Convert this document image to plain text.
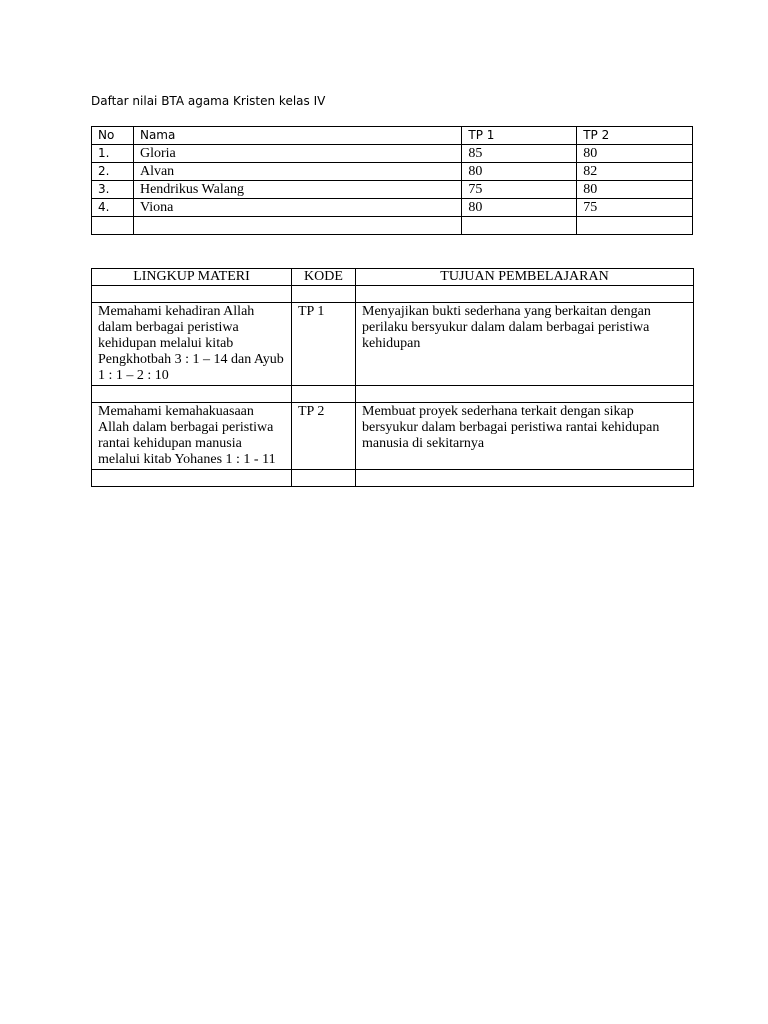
Daftar nilai BTA agama Kristen kelas IV
No	Nama	TP 1	TP 2
1.	Gloria	85	80
2.	Alvan	80	82
3.	Hendrikus Walang	75	80
4.	Viona	80	75

LINGKUP MATERI	KODE	TUJUAN PEMBELAJARAN

Memahami kehadiran Allah dalam berbagai peristiwa kehidupan melalui kitab Pengkhotbah 3 : 1 – 14 dan Ayub 1 : 1 – 2 : 10	TP 1	Menyajikan bukti sederhana yang berkaitan dengan perilaku bersyukur dalam dalam berbagai peristiwa kehidupan

Memahami kemahakuasaan Allah dalam berbagai peristiwa rantai kehidupan manusia melalui kitab Yohanes 1 : 1 - 11	TP 2	Membuat proyek sederhana terkait dengan sikap bersyukur dalam berbagai peristiwa rantai kehidupan manusia di sekitarnya
